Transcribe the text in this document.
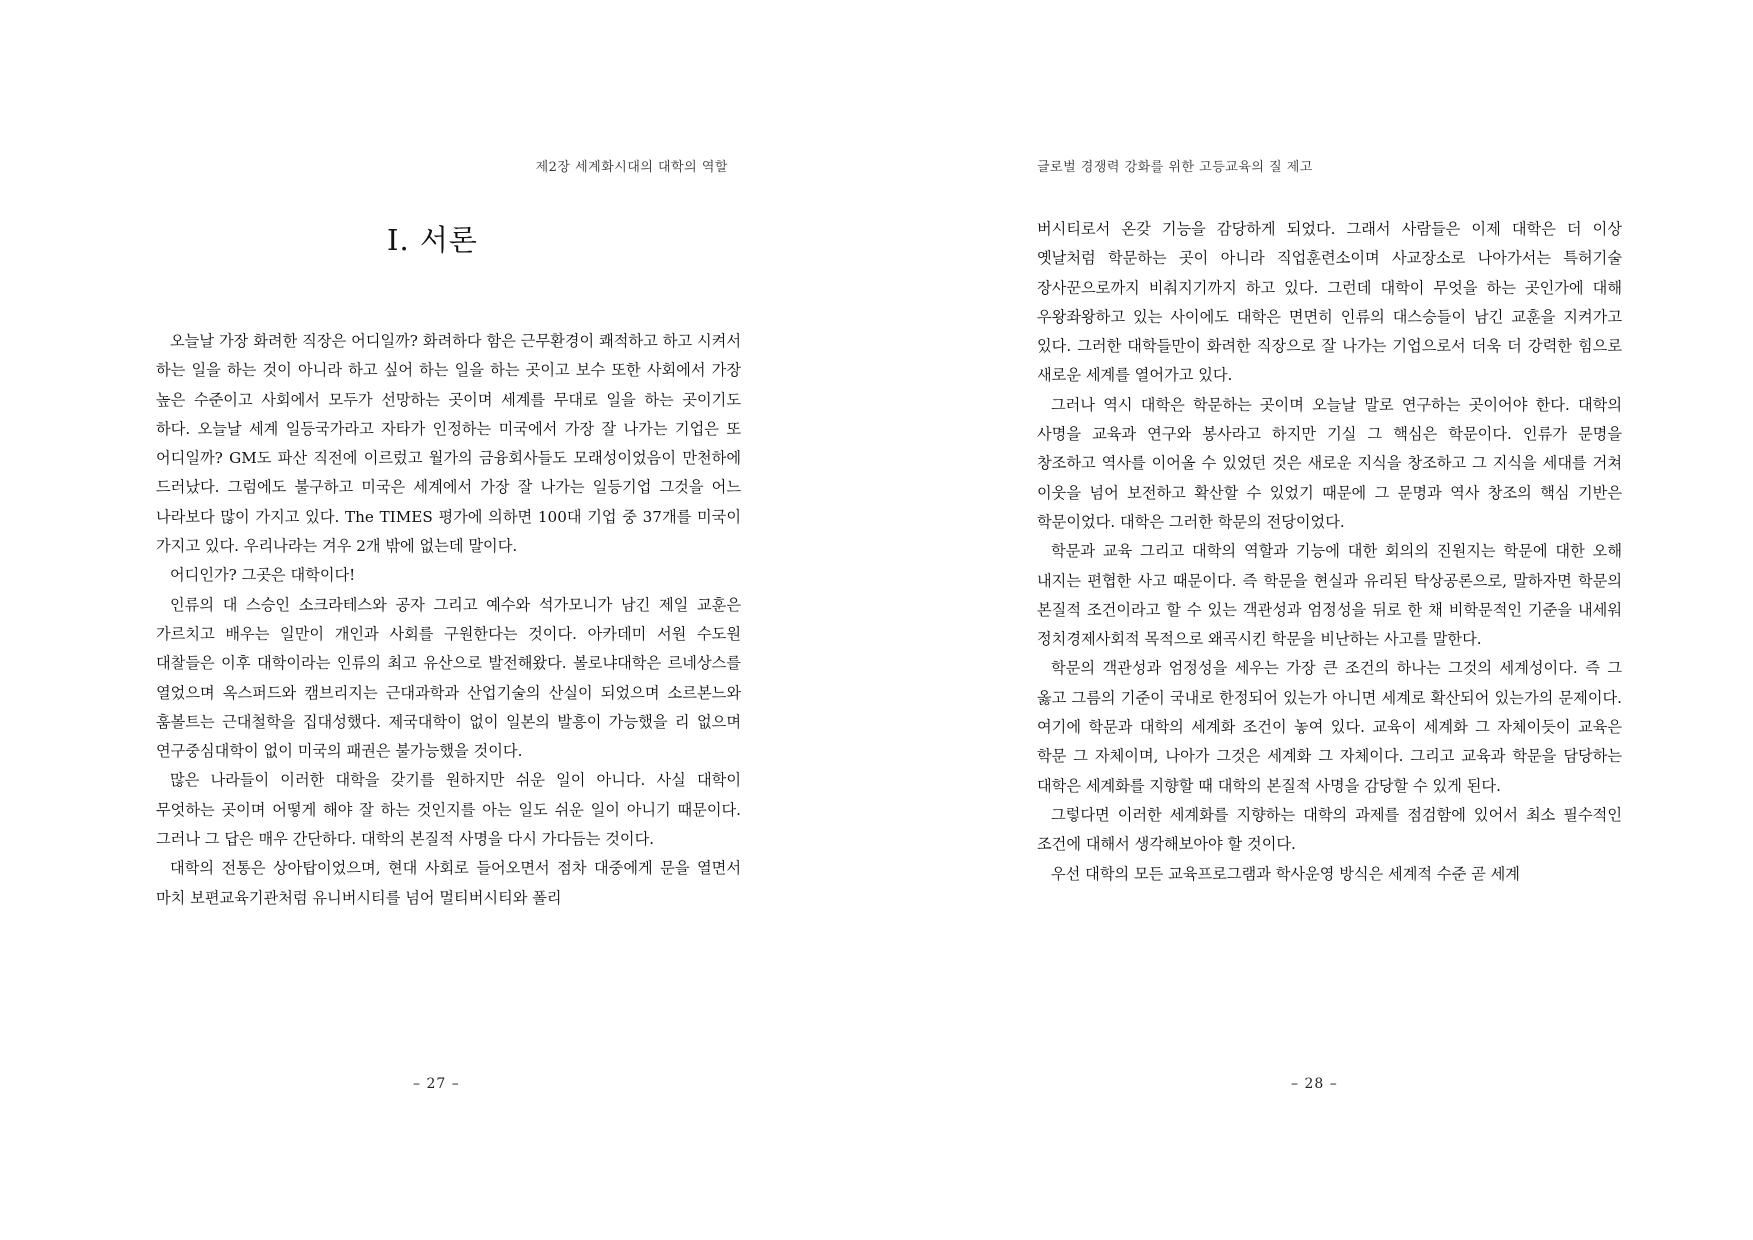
제2장 세계화시대의 대학의 역할
Ⅰ. 서론

오늘날 가장 화려한 직장은 어디일까? 화려하다 함은 근무환경이 쾌적하고 하고 시켜서 하는 일을 하는 것이 아니라 하고 싶어 하는 일을 하는 곳이고 보수 또한 사회에서 가장 높은 수준이고 사회에서 모두가 선망하는 곳이며 세계를 무대로 일을 하는 곳이기도 하다. 오늘날 세계 일등국가라고 자타가 인정하는 미국에서 가장 잘 나가는 기업은 또 어디일까? GM도 파산 직전에 이르렀고 월가의 금융회사들도 모래성이었음이 만천하에 드러났다. 그럼에도 불구하고 미국은 세계에서 가장 잘 나가는 일등기업 그것을 어느 나라보다 많이 가지고 있다. The TIMES 평가에 의하면 100대 기업 중 37개를 미국이 가지고 있다. 우리나라는 겨우 2개 밖에 없는데 말이다.

어디인가? 그곳은 대학이다!

인류의 대 스승인 소크라테스와 공자 그리고 예수와 석가모니가 남긴 제일 교훈은 가르치고 배우는 일만이 개인과 사회를 구원한다는 것이다. 아카데미 서원 수도원 대찰들은 이후 대학이라는 인류의 최고 유산으로 발전해왔다. 볼로냐대학은 르네상스를 열었으며 옥스퍼드와 캠브리지는 근대과학과 산업기술의 산실이 되었으며 소르본느와 훔볼트는 근대철학을 집대성했다. 제국대학이 없이 일본의 발흥이 가능했을 리 없으며 연구중심대학이 없이 미국의 패권은 불가능했을 것이다.

많은 나라들이 이러한 대학을 갖기를 원하지만 쉬운 일이 아니다. 사실 대학이 무엇하는 곳이며 어떻게 해야 잘 하는 것인지를 아는 일도 쉬운 일이 아니기 때문이다. 그러나 그 답은 매우 간단하다. 대학의 본질적 사명을 다시 가다듬는 것이다.

대학의 전통은 상아탑이었으며, 현대 사회로 들어오면서 점차 대중에게 문을 열면서 마치 보편교육기관처럼 유니버시티를 넘어 멀티버시티와 폴리

– 27 –
글로벌 경쟁력 강화를 위한 고등교육의 질 제고

버시티로서 온갖 기능을 감당하게 되었다. 그래서 사람들은 이제 대학은 더 이상 옛날처럼 학문하는 곳이 아니라 직업훈련소이며 사교장소로 나아가서는 특허기술 장사꾼으로까지 비춰지기까지 하고 있다. 그런데 대학이 무엇을 하는 곳인가에 대해 우왕좌왕하고 있는 사이에도 대학은 면면히 인류의 대스승들이 남긴 교훈을 지켜가고 있다. 그러한 대학들만이 화려한 직장으로 잘 나가는 기업으로서 더욱 더 강력한 힘으로 새로운 세계를 열어가고 있다.

그러나 역시 대학은 학문하는 곳이며 오늘날 말로 연구하는 곳이어야 한다. 대학의 사명을 교육과 연구와 봉사라고 하지만 기실 그 핵심은 학문이다. 인류가 문명을 창조하고 역사를 이어올 수 있었던 것은 새로운 지식을 창조하고 그 지식을 세대를 거쳐 이웃을 넘어 보전하고 확산할 수 있었기 때문에 그 문명과 역사 창조의 핵심 기반은 학문이었다. 대학은 그러한 학문의 전당이었다.

학문과 교육 그리고 대학의 역할과 기능에 대한 회의의 진원지는 학문에 대한 오해 내지는 편협한 사고 때문이다. 즉 학문을 현실과 유리된 탁상공론으로, 말하자면 학문의 본질적 조건이라고 할 수 있는 객관성과 엄정성을 뒤로 한 채 비학문적인 기준을 내세워 정치경제사회적 목적으로 왜곡시킨 학문을 비난하는 사고를 말한다.

학문의 객관성과 엄정성을 세우는 가장 큰 조건의 하나는 그것의 세계성이다. 즉 그 옳고 그름의 기준이 국내로 한정되어 있는가 아니면 세계로 확산되어 있는가의 문제이다. 여기에 학문과 대학의 세계화 조건이 놓여 있다. 교육이 세계화 그 자체이듯이 교육은 학문 그 자체이며, 나아가 그것은 세계화 그 자체이다. 그리고 교육과 학문을 담당하는 대학은 세계화를 지향할 때 대학의 본질적 사명을 감당할 수 있게 된다.

그렇다면 이러한 세계화를 지향하는 대학의 과제를 점검함에 있어서 최소 필수적인 조건에 대해서 생각해보아야 할 것이다.

우선 대학의 모든 교육프로그램과 학사운영 방식은 세계적 수준 곧 세계

– 28 –
